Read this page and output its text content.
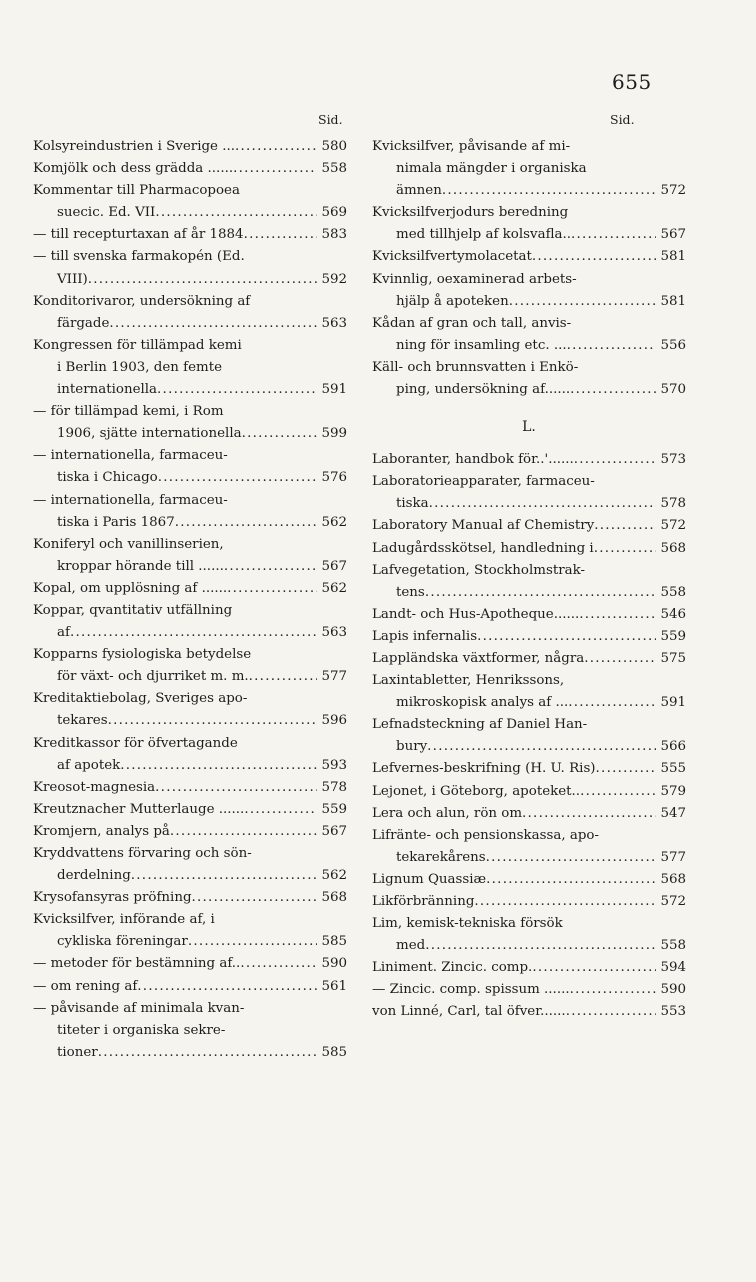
655
Sid.	Sid.
Kolsyreindustrien i Sverige ... . . .	580
Komjölk och dess grädda ...... . . .	558
Kommentar till Pharmacopoea
suecic. Ed. VII . . .	569
— till recepturtaxan af år 1884 . . .	583
— till svenska farmakopén (Ed.
VIII) . . .	592
Konditorivaror, undersökning af
färgade . . .	563
Kongressen för tillämpad kemi
i Berlin 1903, den femte
internationella . . .	591
— för tillämpad kemi, i Rom
1906, sjätte internationella . . .	599
— internationella, farmaceu-
tiska i Chicago . . .	576
— internationella, farmaceu-
tiska i Paris 1867 . . .	562
Koniferyl och vanillinserien,
kroppar hörande till ...... . . .	567
Kopal, om upplösning af ...... . . .	562
Koppar, qvantitativ utfällning
af . . .	563
Kopparns fysiologiska betydelse
för växt- och djurriket m. m. . . .	577
Kreditaktiebolag, Sveriges apo-
tekares . . .	596
Kreditkassor för öfvertagande
af apotek . . .	593
Kreosot-magnesia . . .	578
Kreutznacher Mutterlauge ...... . . .	559
Kromjern, analys på . . .	567
Kryddvattens förvaring och sön-
derdelning . . .	562
Krysofansyras pröfning . . .	568
Kvicksilfver, införande af, i
cykliska föreningar . . .	585
— metoder för bestämning af.. . . .	590
— om rening af . . .	561
— påvisande af minimala kvan-
titeter i organiska sekre-
tioner . . .	585
Kvicksilfver, påvisande af mi-
nimala mängder i organiska
ämnen . . .	572
Kvicksilfverjodurs beredning
med tillhjelp af kolsvafla.. . . .	567
Kvicksilfvertymolacetat . . .	581
Kvinnlig, oexaminerad arbets-
hjälp å apoteken . . .	581
Kådan af gran och tall, anvis-
ning för insamling etc. ... . . .	556
Käll- och brunnsvatten i Enkö-
ping, undersökning af...... . . .	570
L.
Laboranter, handbok för..'...... . . .	573
Laboratorieapparater, farmaceu-
tiska . . .	578
Laboratory Manual af Chemistry . . .	572
Ladugårdsskötsel, handledning i . . .	568
Lafvegetation, Stockholmstrak-
tens . . .	558
Landt- och Hus-Apotheque...... . . .	546
Lapis infernalis . . .	559
Lappländska växtformer, några . . .	575
Laxintabletter, Henrikssons,
mikroskopisk analys af ... . . .	591
Lefnadsteckning af Daniel Han-
bury . . .	566
Lefvernes-beskrifning (H. U. Ris) . . .	555
Lejonet, i Göteborg, apoteket.. . . .	579
Lera och alun, rön om . . .	547
Lifränte- och pensionskassa, apo-
tekarekårens . . .	577
Lignum Quassiæ . . .	568
Likförbränning . . .	572
Lim, kemisk-tekniska försök
med . . .	558
Liniment. Zincic. comp. . . .	594
— Zincic. comp. spissum ...... . . .	590
von Linné, Carl, tal öfver...... . . .	553
